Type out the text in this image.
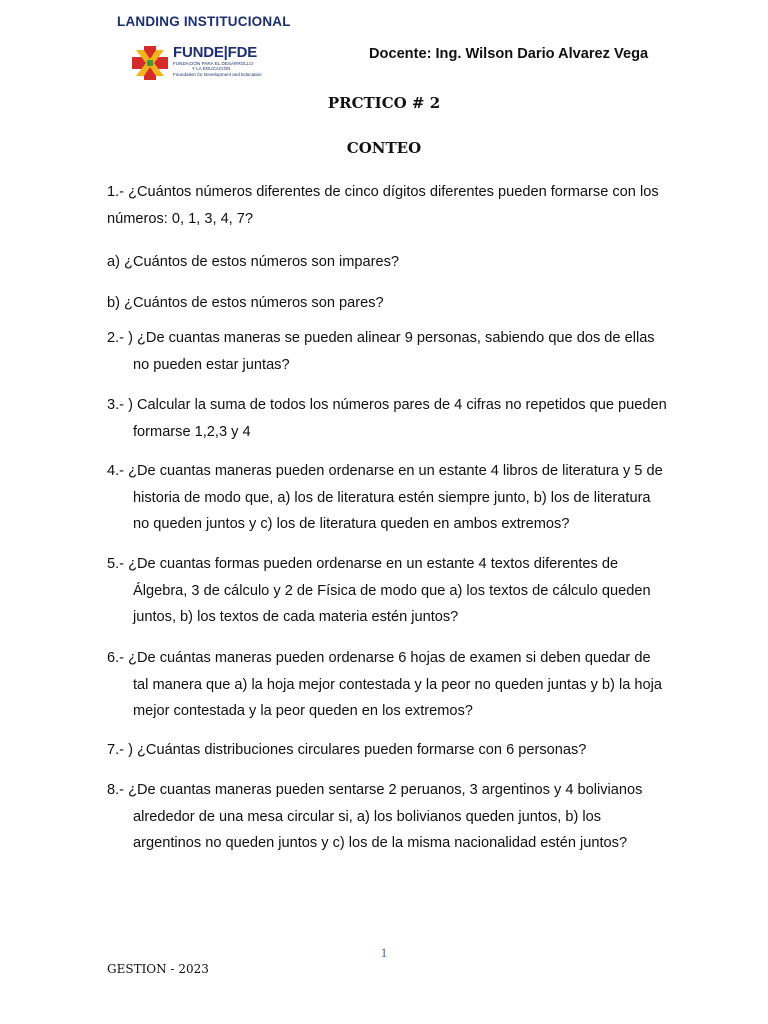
LANDING INSTITUCIONAL
FUNDE|FDE
FUNDACIÓN PARA EL DESARROLLO
Y LA EDUCACIÓN
Foundation for Development and Education
Docente: Ing. Wilson Dario Alvarez Vega
PRCTICO # 2
CONTEO
1.- ¿Cuántos números diferentes de cinco dígitos diferentes pueden formarse con los números: 0, 1, 3, 4, 7?
a) ¿Cuántos de estos números son impares?
b) ¿Cuántos de estos números son pares?
2.- ) ¿De cuantas maneras se pueden alinear 9 personas, sabiendo que dos de ellas no pueden estar juntas?
3.- ) Calcular la suma de todos los números pares de 4 cifras no repetidos que pueden formarse 1,2,3 y 4
4.- ¿De cuantas maneras pueden ordenarse en un estante 4 libros de literatura y 5 de historia de modo que, a) los de literatura estén siempre junto, b) los de literatura no queden juntos y c) los de literatura queden en ambos extremos?
5.- ¿De cuantas formas pueden ordenarse en un estante 4 textos diferentes de Álgebra, 3 de cálculo y 2 de Física de modo que a) los textos de cálculo queden juntos, b) los textos de cada materia estén juntos?
6.- ¿De cuántas maneras pueden ordenarse 6 hojas de examen si deben quedar de tal manera que a) la hoja mejor contestada y la peor no queden juntas y b) la hoja mejor contestada y la peor queden en los extremos?
7.- ) ¿Cuántas distribuciones circulares pueden formarse con 6 personas?
8.- ¿De cuantas maneras pueden sentarse 2 peruanos, 3 argentinos y 4 bolivianos alrededor de una mesa circular si, a) los bolivianos queden juntos, b) los argentinos no queden juntos y c) los de la misma nacionalidad estén juntos?
1
GESTION - 2023
